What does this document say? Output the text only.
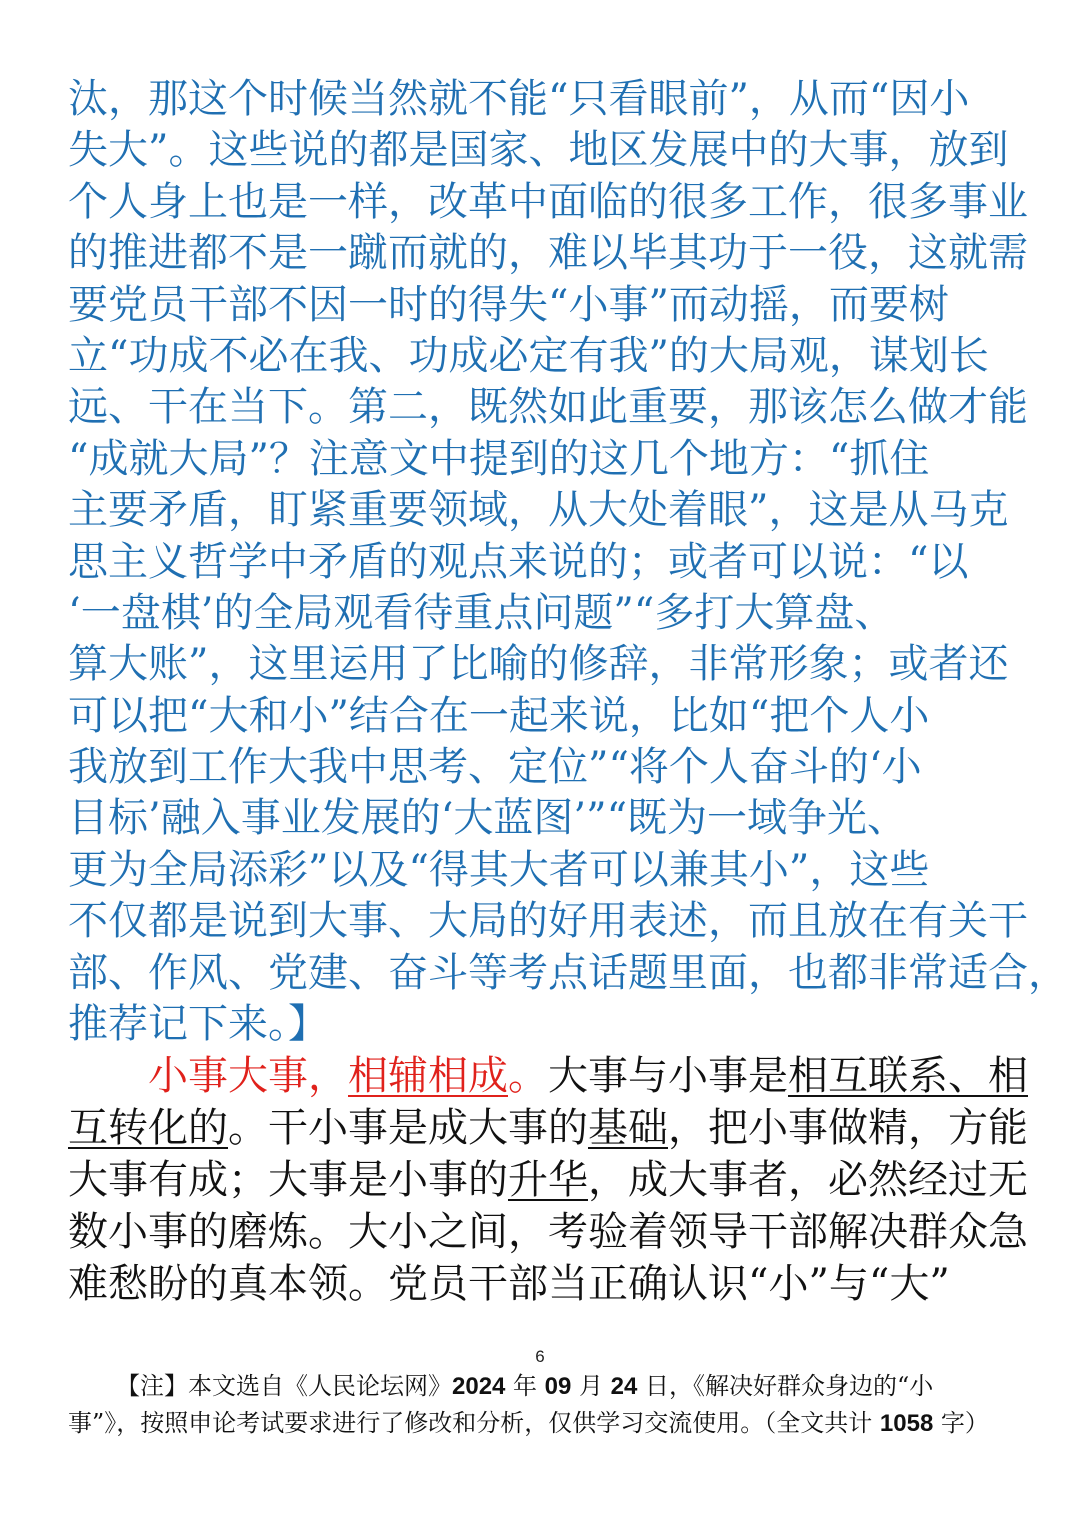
汰，那这个时候当然就不能“只看眼前”，从而“因小
失大”。这些说的都是国家、地区发展中的大事，放到
个人身上也是一样，改革中面临的很多工作，很多事业
的推进都不是一蹴而就的，难以毕其功于一役，这就需
要党员干部不因一时的得失“小事”而动摇，而要树
立“功成不必在我、功成必定有我”的大局观，谋划长
远、干在当下。第二，既然如此重要，那该怎么做才能
“成就大局”？注意文中提到的这几个地方：“抓住
主要矛盾，盯紧重要领域，从大处着眼”，这是从马克
思主义哲学中矛盾的观点来说的；或者可以说：“以
‘一盘棋’的全局观看待重点问题”“多打大算盘、
算大账”，这里运用了比喻的修辞，非常形象；或者还
可以把“大和小”结合在一起来说，比如“把个人小
我放到工作大我中思考、定位”“将个人奋斗的‘小
目标’融入事业发展的‘大蓝图’”“既为一域争光、
更为全局添彩”以及“得其大者可以兼其小”，这些
不仅都是说到大事、大局的好用表述，而且放在有关干
部、作风、党建、奋斗等考点话题里面，也都非常适合，
推荐记下来。】
小事大事，相辅相成。大事与小事是相互联系、相
互转化的。干小事是成大事的基础，把小事做精，方能
大事有成；大事是小事的升华，成大事者，必然经过无
数小事的磨炼。大小之间，考验着领导干部解决群众急
难愁盼的真本领。党员干部当正确认识“小”与“大”
6
【注】本文选自《人民论坛网》2024 年 09 月 24 日，《解决好群众身边的“小
事”》，按照申论考试要求进行了修改和分析，仅供学习交流使用。（全文共计 1058 字）
